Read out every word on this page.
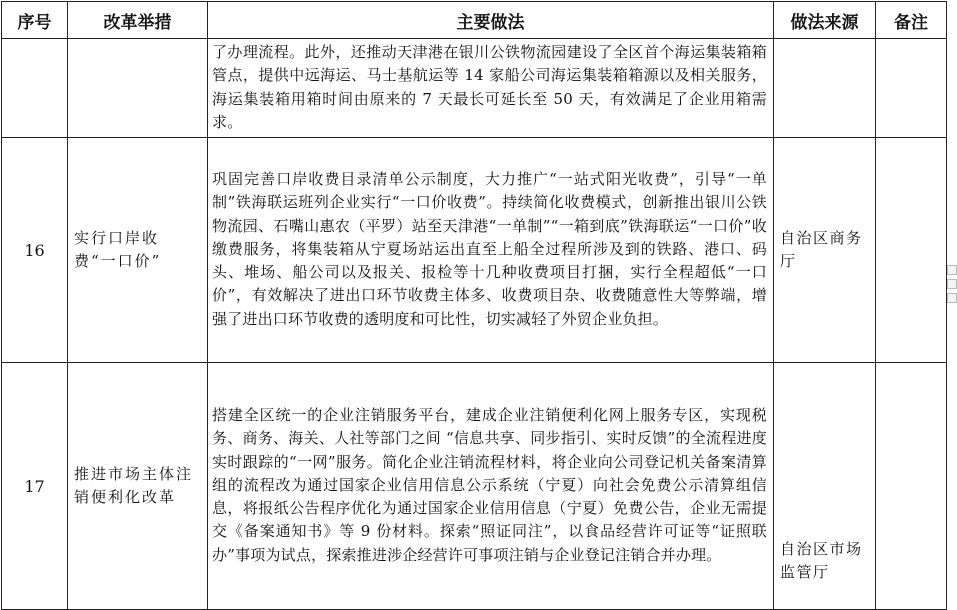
序号	改革举措	主要做法	做法来源	备注
		了办理流程。此外，还推动天津港在银川公铁物流园建设了全区首个海运集装箱箱管点，提供中远海运、马士基航运等 14 家船公司海运集装箱箱源以及相关服务，海运集装箱用箱时间由原来的 7 天最长可延长至 50 天，有效满足了企业用箱需求。		
16	实行口岸收费“一口价”	巩固完善口岸收费目录清单公示制度，大力推广“一站式阳光收费”，引导“一单制”铁海联运班列企业实行“一口价收费”。持续简化收费模式，创新推出银川公铁物流园、石嘴山惠农（平罗）站至天津港“一单制”“一箱到底”铁海联运“一口价”收缴费服务，将集装箱从宁夏场站运出直至上船全过程所涉及到的铁路、港口、码头、堆场、船公司以及报关、报检等十几种收费项目打捆，实行全程超低“一口价”，有效解决了进出口环节收费主体多、收费项目杂、收费随意性大等弊端，增强了进出口环节收费的透明度和可比性，切实减轻了外贸企业负担。	自治区商务厅	
17	推进市场主体注销便利化改革	搭建全区统一的企业注销服务平台，建成企业注销便利化网上服务专区，实现税务、商务、海关、人社等部门之间 “信息共享、同步指引、实时反馈”的全流程进度实时跟踪的“一网”服务。简化企业注销流程材料，将企业向公司登记机关备案清算组的流程改为通过国家企业信用信息公示系统（宁夏）向社会免费公示清算组信息，将报纸公告程序优化为通过国家企业信用信息（宁夏）免费公告，企业无需提交《备案通知书》等 9 份材料。探索“照证同注”，以食品经营许可证等“证照联办”事项为试点，探索推进涉企经营许可事项注销与企业登记注销合并办理。	自治区市场监管厅	
